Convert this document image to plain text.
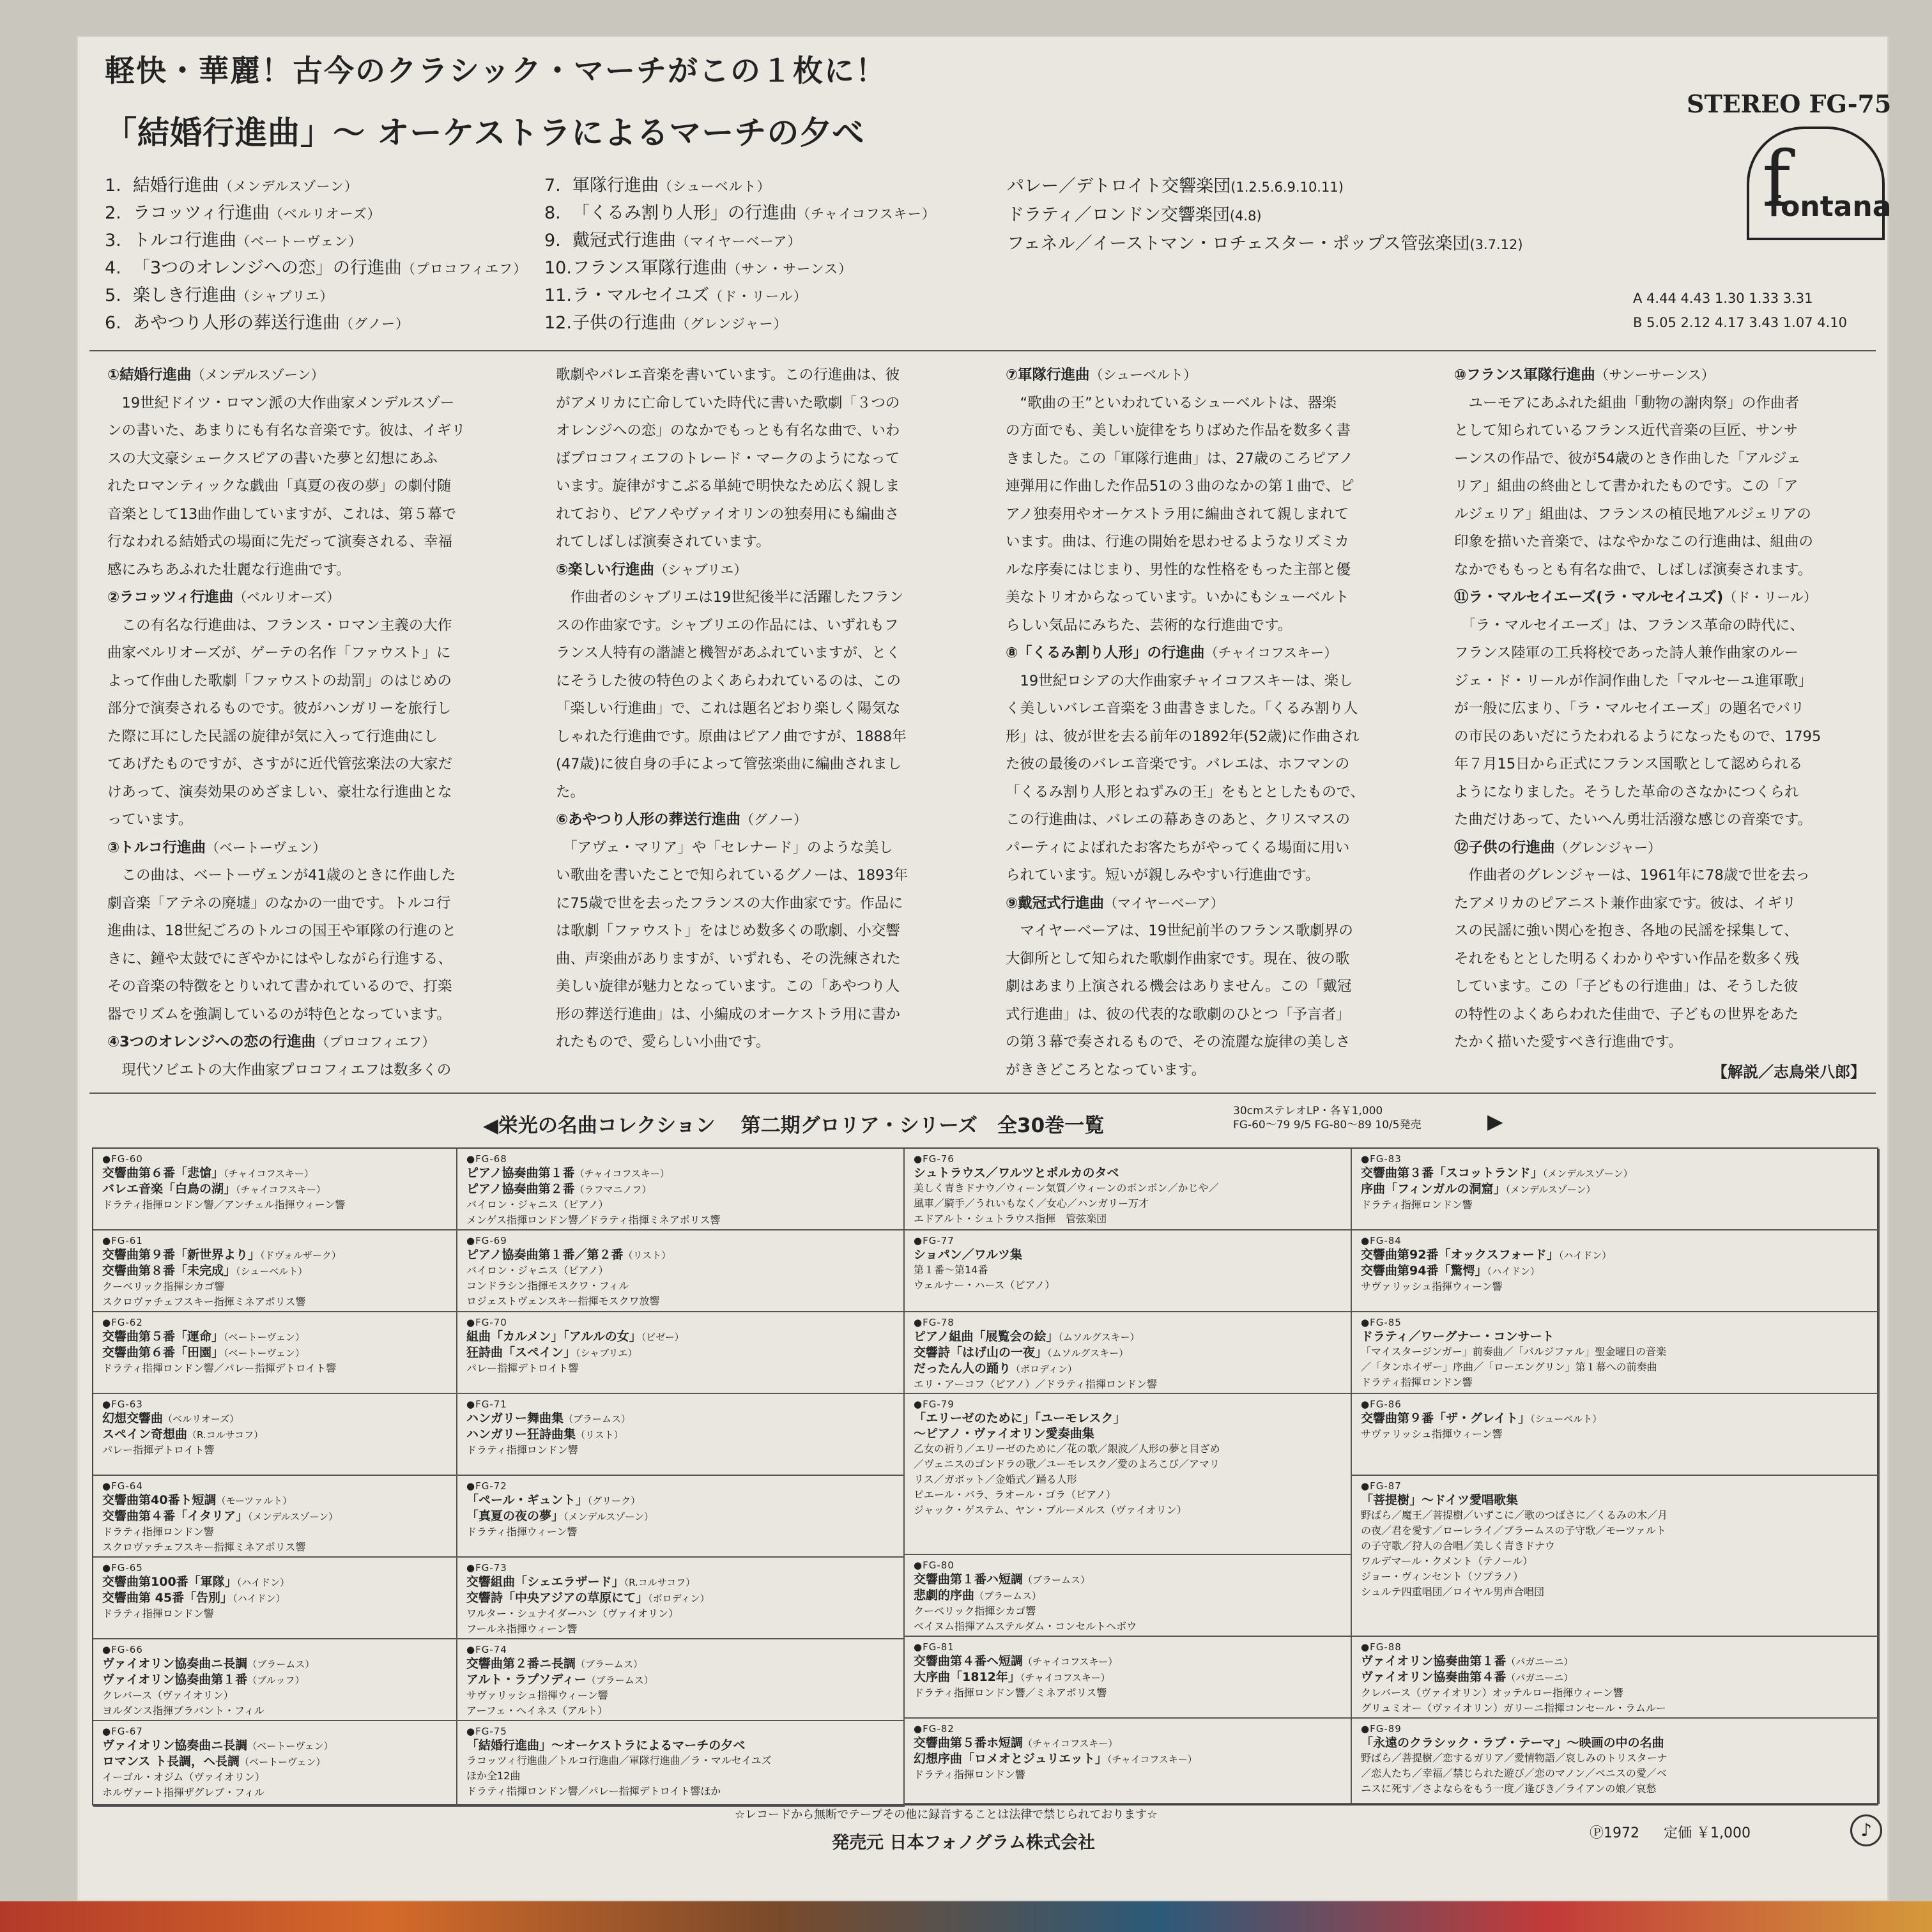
軽快・華麗！古今のクラシック・マーチがこの１枚に！
「結婚行進曲」〜 オーケストラによるマーチの夕べ
STEREO FG-75
f
fontana
1. 結婚行進曲（メンデルスゾーン）
2. ラコッツィ行進曲（ベルリオーズ）
3. トルコ行進曲（ベートーヴェン）
4. 「3つのオレンジへの恋」の行進曲（プロコフィエフ）
5. 楽しき行進曲（シャブリエ）
6. あやつり人形の葬送行進曲（グノー）
7. 軍隊行進曲（シューベルト）
8. 「くるみ割り人形」の行進曲（チャイコフスキー）
9. 戴冠式行進曲（マイヤーベーア）
10.フランス軍隊行進曲（サン・サーンス）
11.ラ・マルセイユズ（ド・リール）
12.子供の行進曲（グレンジャー）
パレー／デトロイト交響楽団(1.2.5.6.9.10.11)
ドラティ／ロンドン交響楽団(4.8)
フェネル／イーストマン・ロチェスター・ポップス管弦楽団(3.7.12)
A 4.44 4.43 1.30 1.33 3.31
B 5.05 2.12 4.17 3.43 1.07 4.10
①結婚行進曲（メンデルスゾーン）
　19世紀ドイツ・ロマン派の大作曲家メンデルスゾー
ンの書いた、あまりにも有名な音楽です。彼は、イギリ
スの大文豪シェークスピアの書いた夢と幻想にあふ
れたロマンティックな戯曲「真夏の夜の夢」の劇付随
音楽として13曲作曲していますが、これは、第５幕で
行なわれる結婚式の場面に先だって演奏される、幸福
感にみちあふれた壮麗な行進曲です。
②ラコッツィ行進曲（ベルリオーズ）
　この有名な行進曲は、フランス・ロマン主義の大作
曲家ベルリオーズが、ゲーテの名作「ファウスト」に
よって作曲した歌劇「ファウストの劫罰」のはじめの
部分で演奏されるものです。彼がハンガリーを旅行し
た際に耳にした民謡の旋律が気に入って行進曲にし
てあげたものですが、さすがに近代管弦楽法の大家だ
けあって、演奏効果のめざましい、豪壮な行進曲とな
っています。
③トルコ行進曲（ベートーヴェン）
　この曲は、ベートーヴェンが41歳のときに作曲した
劇音楽「アテネの廃墟」のなかの一曲です。トルコ行
進曲は、18世紀ごろのトルコの国王や軍隊の行進のと
きに、鐘や太鼓でにぎやかにはやしながら行進する、
その音楽の特徴をとりいれて書かれているので、打楽
器でリズムを強調しているのが特色となっています。
④3つのオレンジへの恋の行進曲（プロコフィエフ）
　現代ソビエトの大作曲家プロコフィエフは数多くの
歌劇やバレエ音楽を書いています。この行進曲は、彼
がアメリカに亡命していた時代に書いた歌劇「３つの
オレンジへの恋」のなかでもっとも有名な曲で、いわ
ばプロコフィエフのトレード・マークのようになって
います。旋律がすこぶる単純で明快なため広く親しま
れており、ピアノやヴァイオリンの独奏用にも編曲さ
れてしばしば演奏されています。
⑤楽しい行進曲（シャブリエ）
　作曲者のシャブリエは19世紀後半に活躍したフラン
スの作曲家です。シャブリエの作品には、いずれもフ
ランス人特有の諧謔と機智があふれていますが、とく
にそうした彼の特色のよくあらわれているのは、この
「楽しい行進曲」で、これは題名どおり楽しく陽気な
しゃれた行進曲です。原曲はピアノ曲ですが、1888年
(47歳)に彼自身の手によって管弦楽曲に編曲されまし
た。
⑥あやつり人形の葬送行進曲（グノー）
　「アヴェ・マリア」や「セレナード」のような美し
い歌曲を書いたことで知られているグノーは、1893年
に75歳で世を去ったフランスの大作曲家です。作品に
は歌劇「ファウスト」をはじめ数多くの歌劇、小交響
曲、声楽曲がありますが、いずれも、その洗練された
美しい旋律が魅力となっています。この「あやつり人
形の葬送行進曲」は、小編成のオーケストラ用に書か
れたもので、愛らしい小曲です。
⑦軍隊行進曲（シューベルト）
　“歌曲の王”といわれているシューベルトは、器楽
の方面でも、美しい旋律をちりばめた作品を数多く書
きました。この「軍隊行進曲」は、27歳のころピアノ
連弾用に作曲した作品51の３曲のなかの第１曲で、ピ
アノ独奏用やオーケストラ用に編曲されて親しまれて
います。曲は、行進の開始を思わせるようなリズミカ
ルな序奏にはじまり、男性的な性格をもった主部と優
美なトリオからなっています。いかにもシューベルト
らしい気品にみちた、芸術的な行進曲です。
⑧「くるみ割り人形」の行進曲（チャイコフスキー）
　19世紀ロシアの大作曲家チャイコフスキーは、楽し
く美しいバレエ音楽を３曲書きました。「くるみ割り人
形」は、彼が世を去る前年の1892年(52歳)に作曲され
た彼の最後のバレエ音楽です。バレエは、ホフマンの
「くるみ割り人形とねずみの王」をもととしたもので、
この行進曲は、バレエの幕あきのあと、クリスマスの
パーティによばれたお客たちがやってくる場面に用い
られています。短いが親しみやすい行進曲です。
⑨戴冠式行進曲（マイヤーベーア）
　マイヤーベーアは、19世紀前半のフランス歌劇界の
大御所として知られた歌劇作曲家です。現在、彼の歌
劇はあまり上演される機会はありません。この「戴冠
式行進曲」は、彼の代表的な歌劇のひとつ「予言者」
の第３幕で奏されるもので、その流麗な旋律の美しさ
がききどころとなっています。
⑩フランス軍隊行進曲（サンーサーンス）
　ユーモアにあふれた組曲「動物の謝肉祭」の作曲者
として知られているフランス近代音楽の巨匠、サンサ
ーンスの作品で、彼が54歳のとき作曲した「アルジェ
リア」組曲の終曲として書かれたものです。この「ア
ルジェリア」組曲は、フランスの植民地アルジェリアの
印象を描いた音楽で、はなやかなこの行進曲は、組曲の
なかでももっとも有名な曲で、しばしば演奏されます。
⑪ラ・マルセイエーズ(ラ・マルセイユズ)（ド・リール）
　「ラ・マルセイエーズ」は、フランス革命の時代に、
フランス陸軍の工兵将校であった詩人兼作曲家のルー
ジェ・ド・リールが作詞作曲した「マルセーユ進軍歌」
が一般に広まり、「ラ・マルセイエーズ」の題名でパリ
の市民のあいだにうたわれるようになったもので、1795
年７月15日から正式にフランス国歌として認められる
ようになりました。そうした革命のさなかにつくられ
た曲だけあって、たいへん勇壮活潑な感じの音楽です。
⑫子供の行進曲（グレンジャー）
　作曲者のグレンジャーは、1961年に78歳で世を去っ
たアメリカのピアニスト兼作曲家です。彼は、イギリ
スの民謡に強い関心を抱き、各地の民謡を採集して、
それをもととした明るくわかりやすい作品を数多く残
しています。この「子どもの行進曲」は、そうした彼
の特性のよくあらわれた佳曲で、子どもの世界をあた
たかく描いた愛すべき行進曲です。
【解説／志鳥栄八郎】
◀栄光の名曲コレクション 第二期グロリア・シリーズ　全30巻一覧
30cmステレオLP・各￥1,000
FG-60〜79 9/5 FG-80〜89 10/5発売	▶
●FG-60
交響曲第６番「悲愴」（チャイコフスキー）
バレエ音楽「白鳥の湖」（チャイコフスキー）
ドラティ指揮ロンドン響／アンチェル指揮ウィーン響
●FG-61
交響曲第９番「新世界より」（ドヴォルザーク）
交響曲第８番「未完成」（シューベルト）
クーベリック指揮シカゴ響
スクロヴァチェフスキー指揮ミネアポリス響
●FG-62
交響曲第５番「運命」（ベートーヴェン）
交響曲第６番「田園」（ベートーヴェン）
ドラティ指揮ロンドン響／パレー指揮デトロイト響
●FG-63
幻想交響曲（ベルリオーズ）
スペイン奇想曲（R.コルサコフ）
パレー指揮デトロイト響
●FG-64
交響曲第40番ト短調（モーツァルト）
交響曲第４番「イタリア」（メンデルスゾーン）
ドラティ指揮ロンドン響
スクロヴァチェフスキー指揮ミネアポリス響
●FG-65
交響曲第100番「軍隊」（ハイドン）
交響曲第 45番「告別」（ハイドン）
ドラティ指揮ロンドン響
●FG-66
ヴァイオリン協奏曲ニ長調（ブラームス）
ヴァイオリン協奏曲第１番（ブルッフ）
クレバース（ヴァイオリン）
ヨルダンス指揮ブラバント・フィル
●FG-67
ヴァイオリン協奏曲ニ長調（ベートーヴェン）
ロマンス ト長調，ヘ長調（ベートーヴェン）
イーゴル・オジム（ヴァイオリン）
ホルヴァート指揮ザグレブ・フィル
●FG-68
ピアノ協奏曲第１番（チャイコフスキー）
ピアノ協奏曲第２番（ラフマニノフ）
バイロン・ジャニス（ピアノ）
メンゲス指揮ロンドン響／ドラティ指揮ミネアポリス響
●FG-69
ピアノ協奏曲第１番／第２番（リスト）
バイロン・ジャニス（ピアノ）
コンドラシン指揮モスクワ・フィル
ロジェストヴェンスキー指揮モスクワ放響
●FG-70
組曲「カルメン」「アルルの女」（ビゼー）
狂詩曲「スペイン」（シャブリエ）
パレー指揮デトロイト響
●FG-71
ハンガリー舞曲集（ブラームス）
ハンガリー狂詩曲集（リスト）
ドラティ指揮ロンドン響
●FG-72
「ペール・ギュント」（グリーク）
「真夏の夜の夢」（メンデルスゾーン）
ドラティ指揮ウィーン響
●FG-73
交響組曲「シェエラザード」（R.コルサコフ）
交響詩「中央アジアの草原にて」（ボロディン）
ワルター・シュナイダーハン（ヴァイオリン）
フールネ指揮ウィーン響
●FG-74
交響曲第２番ニ長調（ブラームス）
アルト・ラプソディー（ブラームス）
サヴァリッシュ指揮ウィーン響
アーフェ・ヘイネス（アルト）
●FG-75
「結婚行進曲」〜オーケストラによるマーチの夕べ
ラコッツィ行進曲／トルコ行進曲／軍隊行進曲／ラ・マルセイユズ
ほか全12曲
ドラティ指揮ロンドン響／パレー指揮デトロイト響ほか
●FG-76
シュトラウス／ワルツとポルカのタベ
美しく青きドナウ／ウィーン気質／ウィーンのボンボン／かじや／
風車／騎手／うれいもなく／女心／ハンガリー万才
エドアルト・シュトラウス指揮　管弦楽団
●FG-77
ショパン／ワルツ集
第１番〜第14番
ウェルナー・ハース（ピアノ）
●FG-78
ピアノ組曲「展覧会の絵」（ムソルグスキー）
交響詩「はげ山の一夜」（ムソルグスキー）
だったん人の踊り（ボロディン）
エリ・アーコフ（ピアノ）／ドラティ指揮ロンドン響
●FG-79
「エリーゼのために」「ユーモレスク」
〜ピアノ・ヴァイオリン愛奏曲集
乙女の祈り／エリーゼのために／花の歌／銀波／人形の夢と目ざめ
／ヴェニスのゴンドラの歌／ユーモレスク／愛のよろこび／アマリ
リス／ガボット／金婚式／踊る人形
ピエール・バラ、ラオール・ゴラ（ピアノ）
ジャック・ゲステム、ヤン・ブルーメルス（ヴァイオリン）
●FG-80
交響曲第１番ハ短調（ブラームス）
悲劇的序曲（ブラームス）
クーベリック指揮シカゴ響
ベイヌム指揮アムステルダム・コンセルトヘボウ
●FG-81
交響曲第４番ヘ短調（チャイコフスキー）
大序曲「1812年」（チャイコフスキー）
ドラティ指揮ロンドン響／ミネアポリス響
●FG-82
交響曲第５番ホ短調（チャイコフスキー）
幻想序曲「ロメオとジュリエット」（チャイコフスキー）
ドラティ指揮ロンドン響
●FG-83
交響曲第３番「スコットランド」（メンデルスゾーン）
序曲「フィンガルの洞窟」（メンデルスゾーン）
ドラティ指揮ロンドン響
●FG-84
交響曲第92番「オックスフォード」（ハイドン）
交響曲第94番「驚愕」（ハイドン）
サヴァリッシュ指揮ウィーン響
●FG-85
ドラティ／ワーグナー・コンサート
「マイスタージンガー」前奏曲／「パルジファル」聖金曜日の音楽
／「タンホイザー」序曲／「ローエングリン」第１幕への前奏曲
ドラティ指揮ロンドン響
●FG-86
交響曲第９番「ザ・グレイト」（シューベルト）
サヴァリッシュ指揮ウィーン響
●FG-87
「菩提樹」〜ドイツ愛唱歌集
野ばら／魔王／菩提樹／いずこに／歌のつばさに／くるみの木／月
の夜／君を愛す／ローレライ／ブラームスの子守歌／モーツァルト
の子守歌／狩人の合唱／美しく青きドナウ
ワルデマール・クメント（テノール）
ジョー・ヴィンセント（ソプラノ）
シュルテ四重唱団／ロイヤル男声合唱団
●FG-88
ヴァイオリン協奏曲第１番（パガニーニ）
ヴァイオリン協奏曲第４番（パガニーニ）
クレバース（ヴァイオリン）オッテルロー指揮ウィーン響
グリュミオー（ヴァイオリン）ガリーニ指揮コンセール・ラムルー
●FG-89
「永遠のクラシック・ラブ・テーマ」〜映画の中の名曲
野ばら／菩提樹／恋するガリア／愛情物語／哀しみのトリスターナ
／恋人たち／幸福／禁じられた遊び／恋のマノン／ベニスの愛／ベ
ニスに死す／さよならをもう一度／逢びき／ライアンの娘／哀愁
☆レコードから無断でテープその他に録音することは法律で禁じられております☆
発売元 日本フォノグラム株式会社	Ⓟ1972 定価 ￥1,000	♪
